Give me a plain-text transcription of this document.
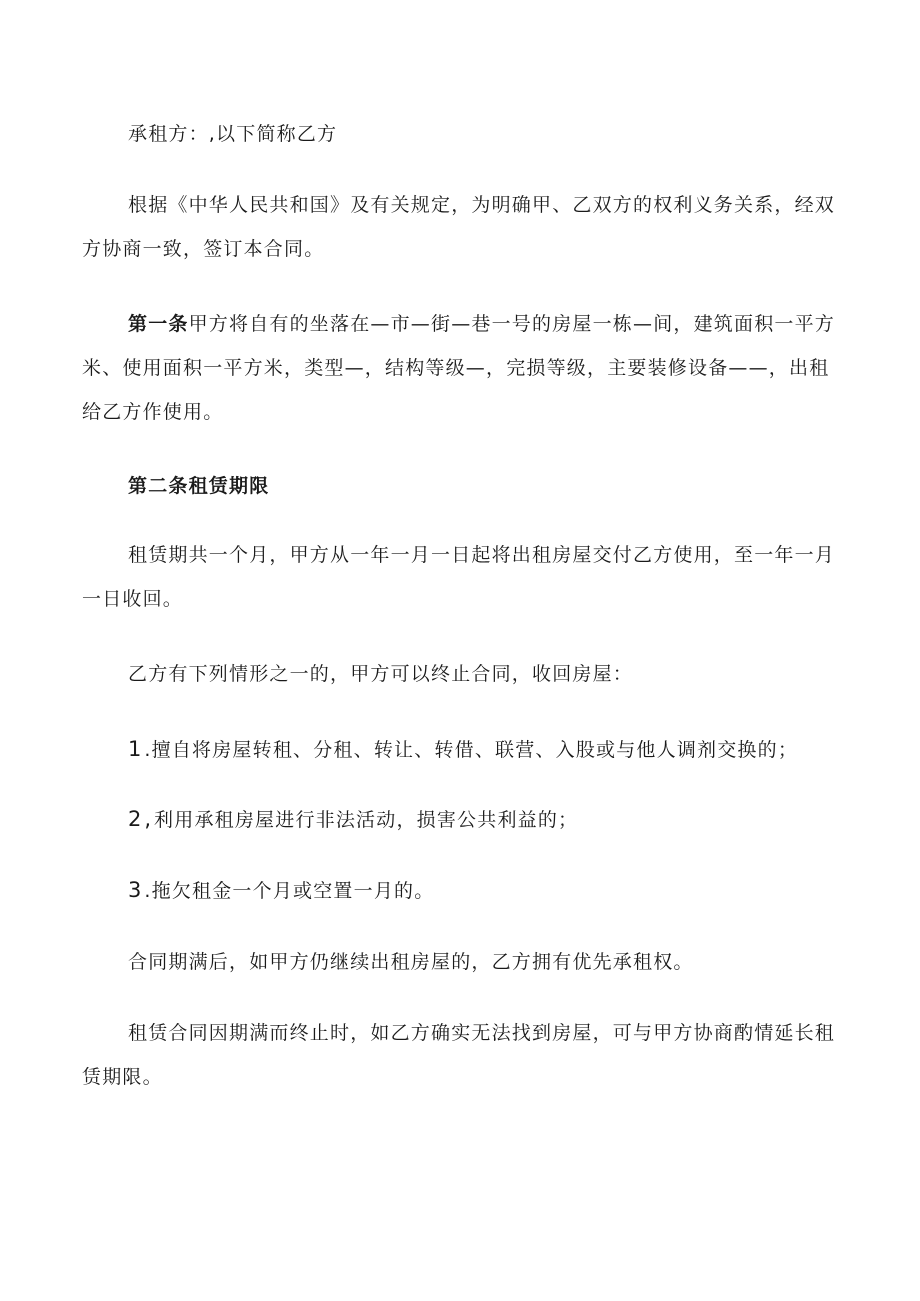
承租方：,以下简称乙方

根据《中华人民共和国》及有关规定，为明确甲、乙双方的权利义务关系，经双方协商一致，签订本合同。

第一条甲方将自有的坐落在—市—街—巷一号的房屋一栋—间，建筑面积一平方米、使用面积一平方米，类型—，结构等级—，完损等级，主要装修设备——，出租给乙方作使用。

第二条租赁期限

租赁期共一个月，甲方从一年一月一日起将出租房屋交付乙方使用，至一年一月一日收回。

乙方有下列情形之一的，甲方可以终止合同，收回房屋：

1.擅自将房屋转租、分租、转让、转借、联营、入股或与他人调剂交换的；

2,利用承租房屋进行非法活动，损害公共利益的；

3.拖欠租金一个月或空置一月的。

合同期满后，如甲方仍继续出租房屋的，乙方拥有优先承租权。

租赁合同因期满而终止时，如乙方确实无法找到房屋，可与甲方协商酌情延长租赁期限。
